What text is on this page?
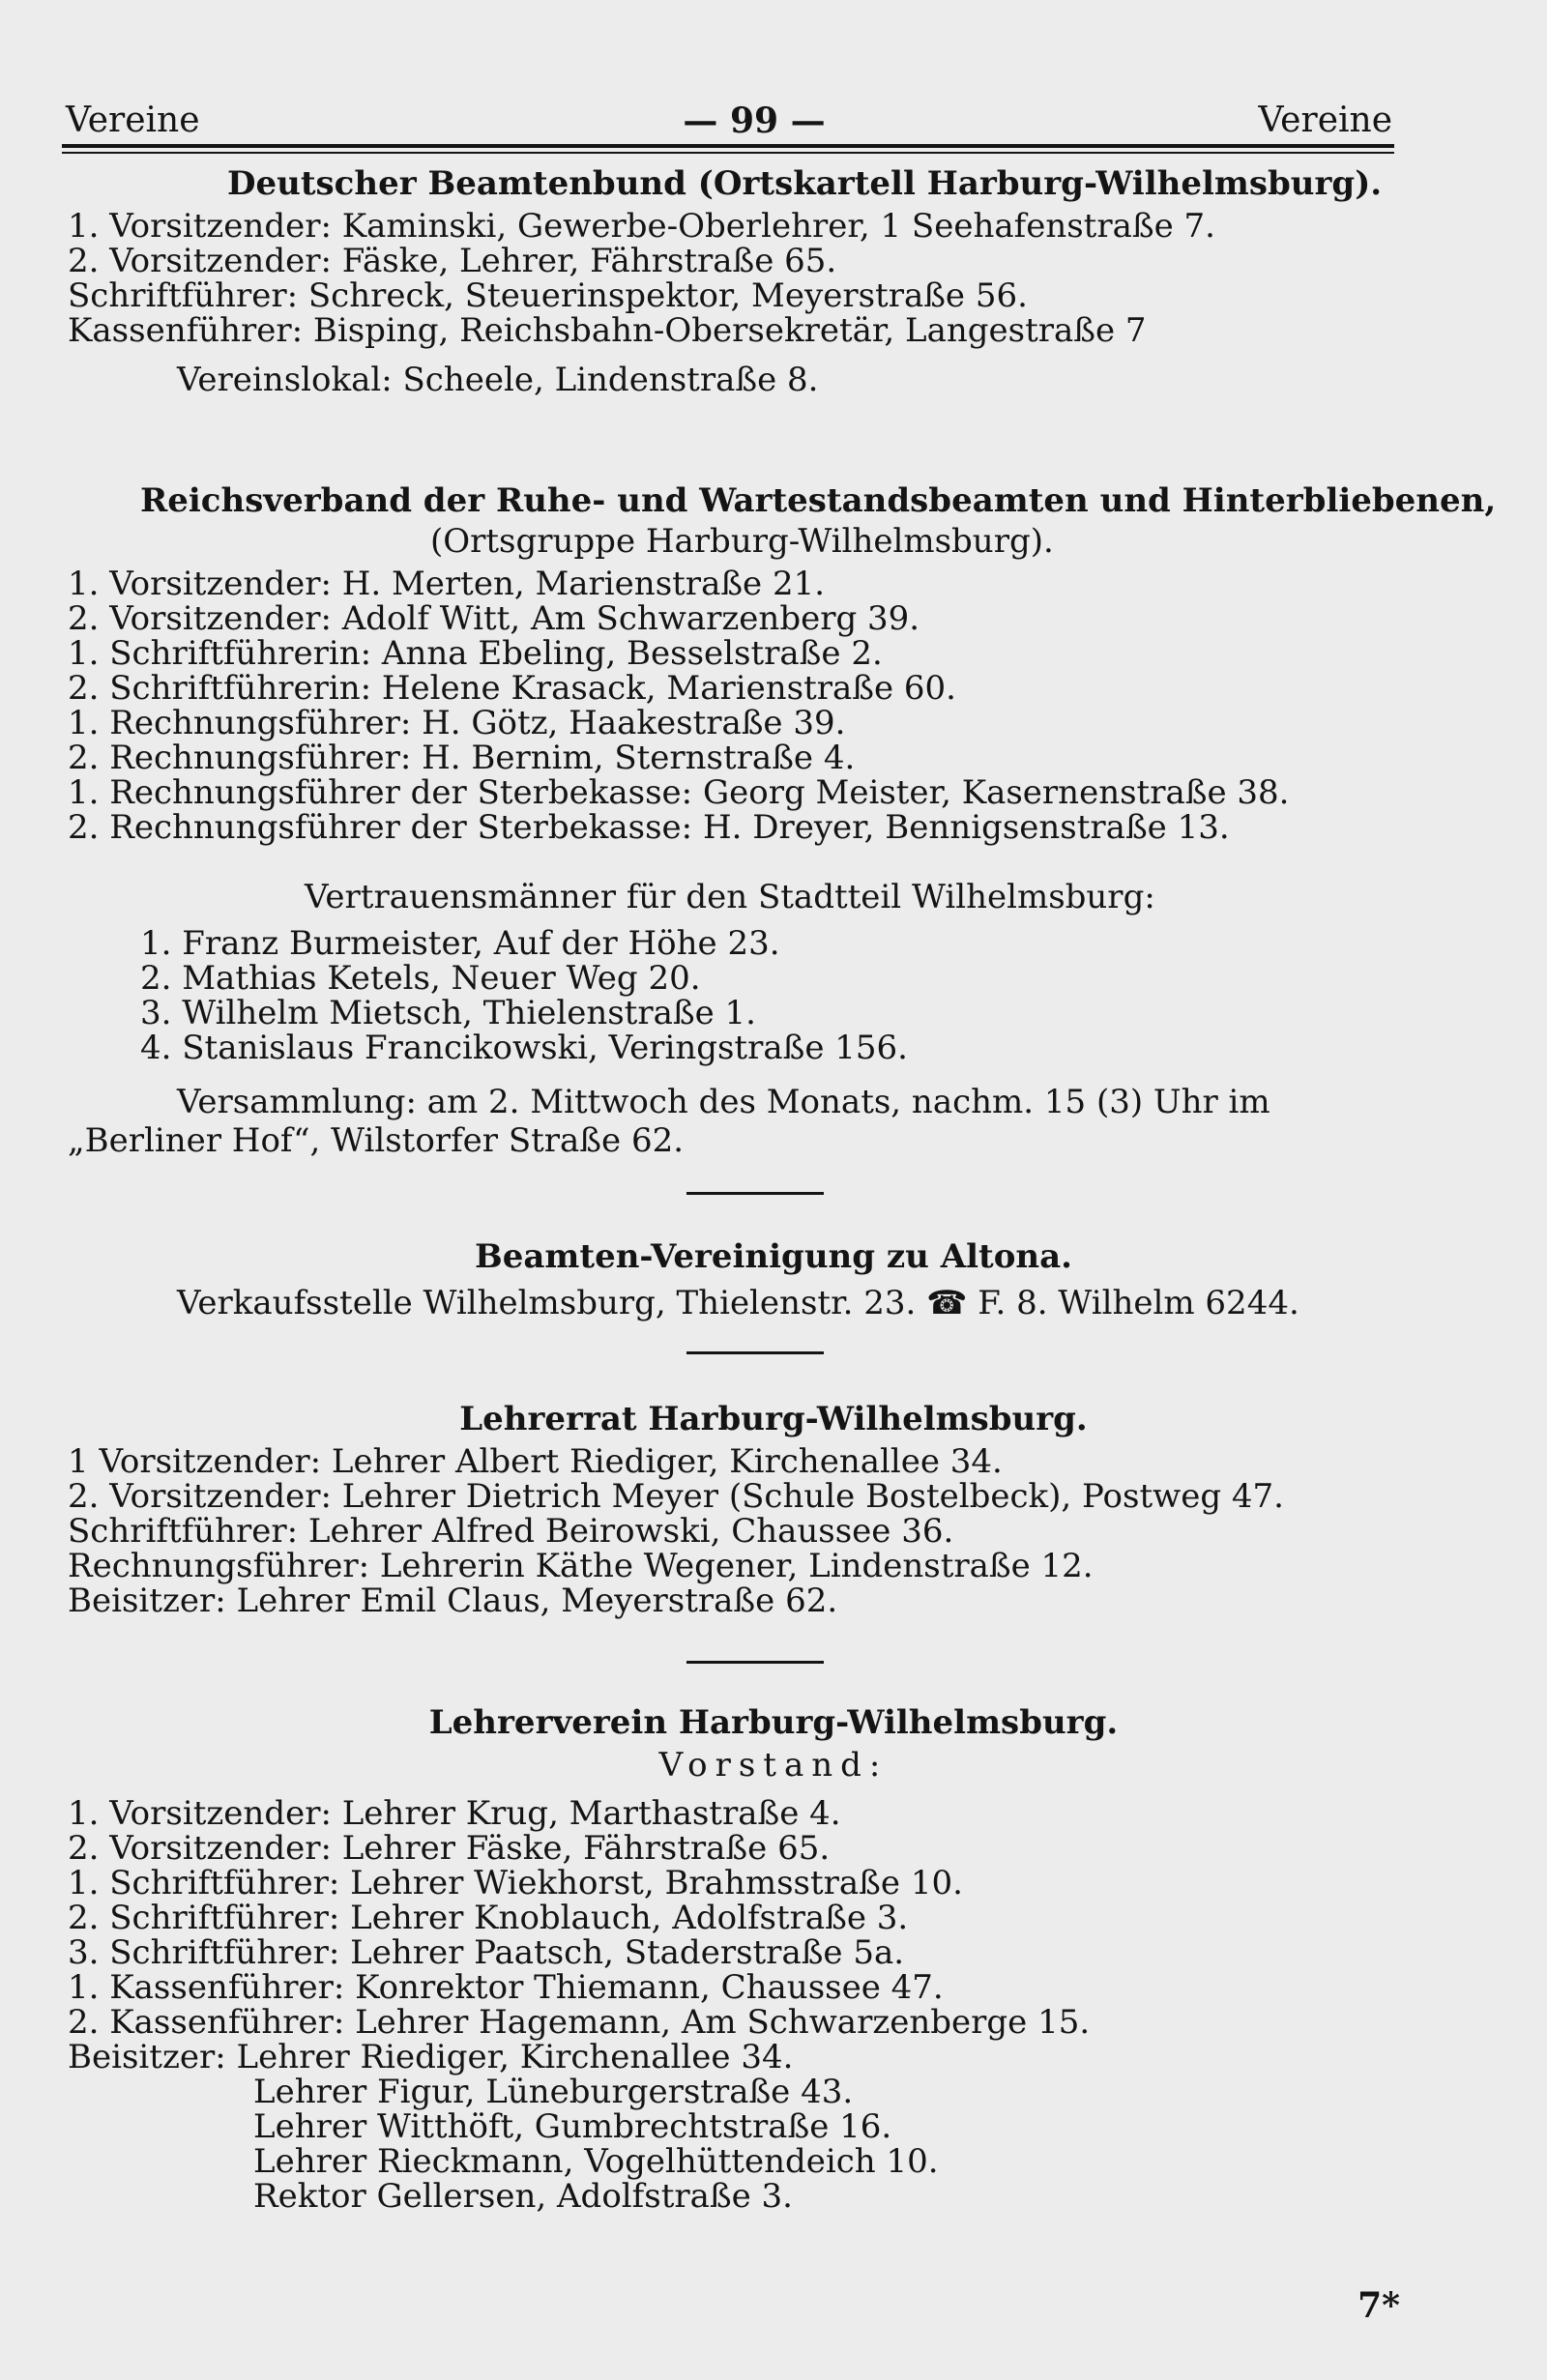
Vereine	— 99 —	Vereine
Deutscher Beamtenbund (Ortskartell Harburg-Wilhelmsburg).
1. Vorsitzender: Kaminski, Gewerbe-Oberlehrer, 1 Seehafenstraße 7.
2. Vorsitzender: Fäske, Lehrer, Fährstraße 65.
Schriftführer: Schreck, Steuerinspektor, Meyerstraße 56.
Kassenführer: Bisping, Reichsbahn-Obersekretär, Langestraße 7
Vereinslokal: Scheele, Lindenstraße 8.
Reichsverband der Ruhe- und Wartestandsbeamten und Hinterbliebenen,
(Ortsgruppe Harburg-Wilhelmsburg).
1. Vorsitzender: H. Merten, Marienstraße 21.
2. Vorsitzender: Adolf Witt, Am Schwarzenberg 39.
1. Schriftführerin: Anna Ebeling, Besselstraße 2.
2. Schriftführerin: Helene Krasack, Marienstraße 60.
1. Rechnungsführer: H. Götz, Haakestraße 39.
2. Rechnungsführer: H. Bernim, Sternstraße 4.
1. Rechnungsführer der Sterbekasse: Georg Meister, Kasernenstraße 38.
2. Rechnungsführer der Sterbekasse: H. Dreyer, Bennigsenstraße 13.
Vertrauensmänner für den Stadtteil Wilhelmsburg:
1. Franz Burmeister, Auf der Höhe 23.
2. Mathias Ketels, Neuer Weg 20.
3. Wilhelm Mietsch, Thielenstraße 1.
4. Stanislaus Francikowski, Veringstraße 156.
Versammlung: am 2. Mittwoch des Monats, nachm. 15 (3) Uhr im
„Berliner Hof“, Wilstorfer Straße 62.
Beamten-Vereinigung zu Altona.
Verkaufsstelle Wilhelmsburg, Thielenstr. 23. ☎ F. 8. Wilhelm 6244.
Lehrerrat Harburg-Wilhelmsburg.
1 Vorsitzender: Lehrer Albert Riediger, Kirchenallee 34.
2. Vorsitzender: Lehrer Dietrich Meyer (Schule Bostelbeck), Postweg 47.
Schriftführer: Lehrer Alfred Beirowski, Chaussee 36.
Rechnungsführer: Lehrerin Käthe Wegener, Lindenstraße 12.
Beisitzer: Lehrer Emil Claus, Meyerstraße 62.
Lehrerverein Harburg-Wilhelmsburg.
Vorstand:
1. Vorsitzender: Lehrer Krug, Marthastraße 4.
2. Vorsitzender: Lehrer Fäske, Fährstraße 65.
1. Schriftführer: Lehrer Wiekhorst, Brahmsstraße 10.
2. Schriftführer: Lehrer Knoblauch, Adolfstraße 3.
3. Schriftführer: Lehrer Paatsch, Staderstraße 5a.
1. Kassenführer: Konrektor Thiemann, Chaussee 47.
2. Kassenführer: Lehrer Hagemann, Am Schwarzenberge 15.
Beisitzer: Lehrer Riediger, Kirchenallee 34.
Lehrer Figur, Lüneburgerstraße 43.
Lehrer Witthöft, Gumbrechtstraße 16.
Lehrer Rieckmann, Vogelhüttendeich 10.
Rektor Gellersen, Adolfstraße 3.
7*
